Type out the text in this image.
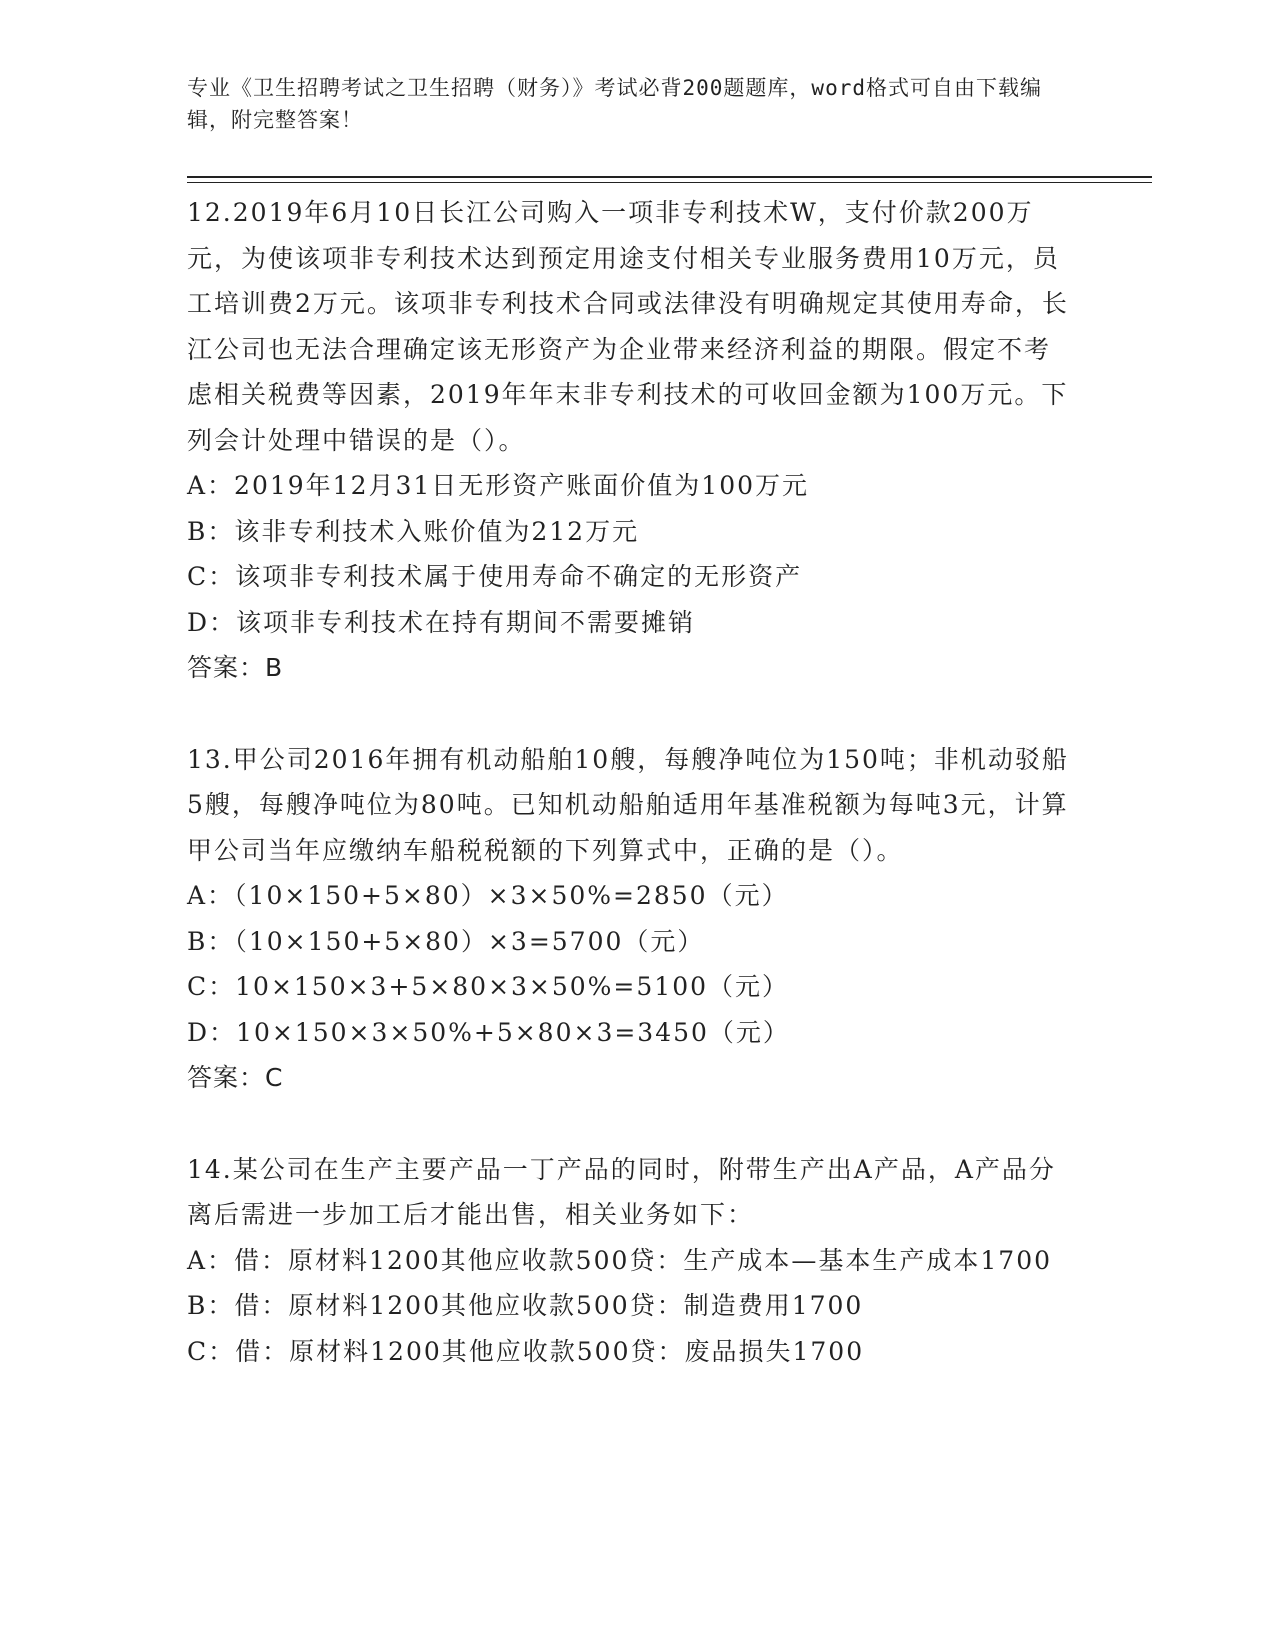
专业《卫生招聘考试之卫生招聘（财务）》考试必背200题题库，word格式可自由下载编辑，附完整答案！

12.2019年6月10日长江公司购入一项非专利技术W，支付价款200万元，为使该项非专利技术达到预定用途支付相关专业服务费用10万元，员工培训费2万元。该项非专利技术合同或法律没有明确规定其使用寿命，长江公司也无法合理确定该无形资产为企业带来经济利益的期限。假定不考虑相关税费等因素，2019年年末非专利技术的可收回金额为100万元。下列会计处理中错误的是（）。

A：2019年12月31日无形资产账面价值为100万元

B：该非专利技术入账价值为212万元

C：该项非专利技术属于使用寿命不确定的无形资产

D：该项非专利技术在持有期间不需要摊销

答案：B

13.甲公司2016年拥有机动船舶10艘，每艘净吨位为150吨；非机动驳船5艘，每艘净吨位为80吨。已知机动船舶适用年基准税额为每吨3元，计算甲公司当年应缴纳车船税税额的下列算式中，正确的是（）。

A：（10×150+5×80）×3×50%=2850（元）

B：（10×150+5×80）×3=5700（元）

C：10×150×3+5×80×3×50%=5100（元）

D：10×150×3×50%+5×80×3=3450（元）

答案：C

14.某公司在生产主要产品一丁产品的同时，附带生产出A产品，A产品分离后需进一步加工后才能出售，相关业务如下：

A：借：原材料1200其他应收款500贷：生产成本—基本生产成本1700

B：借：原材料1200其他应收款500贷：制造费用1700

C：借：原材料1200其他应收款500贷：废品损失1700
